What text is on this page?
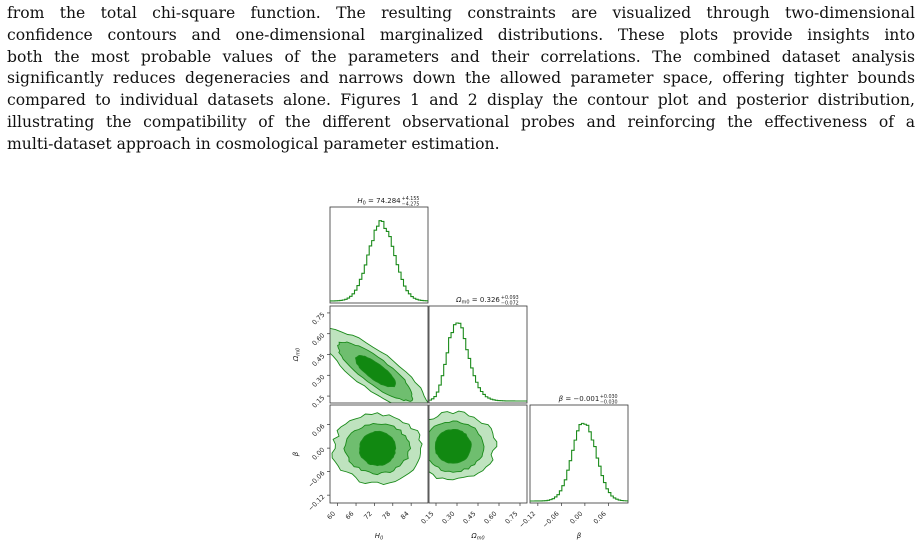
from the total chi-square function. The resulting constraints are visualized through two-dimensional
confidence contours and one-dimensional marginalized distributions. These plots provide insights into
both the most probable values of the parameters and their correlations. The combined dataset analysis
significantly reduces degeneracies and narrows down the allowed parameter space, offering tighter bounds
compared to individual datasets alone. Figures 1 and 2 display the contour plot and posterior distribution,
illustrating the compatibility of the different observational probes and reinforcing the effectiveness of a
multi-dataset approach in cosmological parameter estimation.
60 66 72 78 84 0.15 0.30 0.45 0.60 0.75
−0.12 −0.06 0.00 0.06
0.15
0.30
0.45
0.60
0.75
−0.12
−0.06
0.00
0.06
$H_0$	$\Omega_{m0}$	β
$\Omega_{m0}$
β
$H_0 = 74.284 +4.155$
−4.275
$\Omega_{m0} = 0.326 +0.093$
−0.072
β = −0.001 +0.030
−0.030
